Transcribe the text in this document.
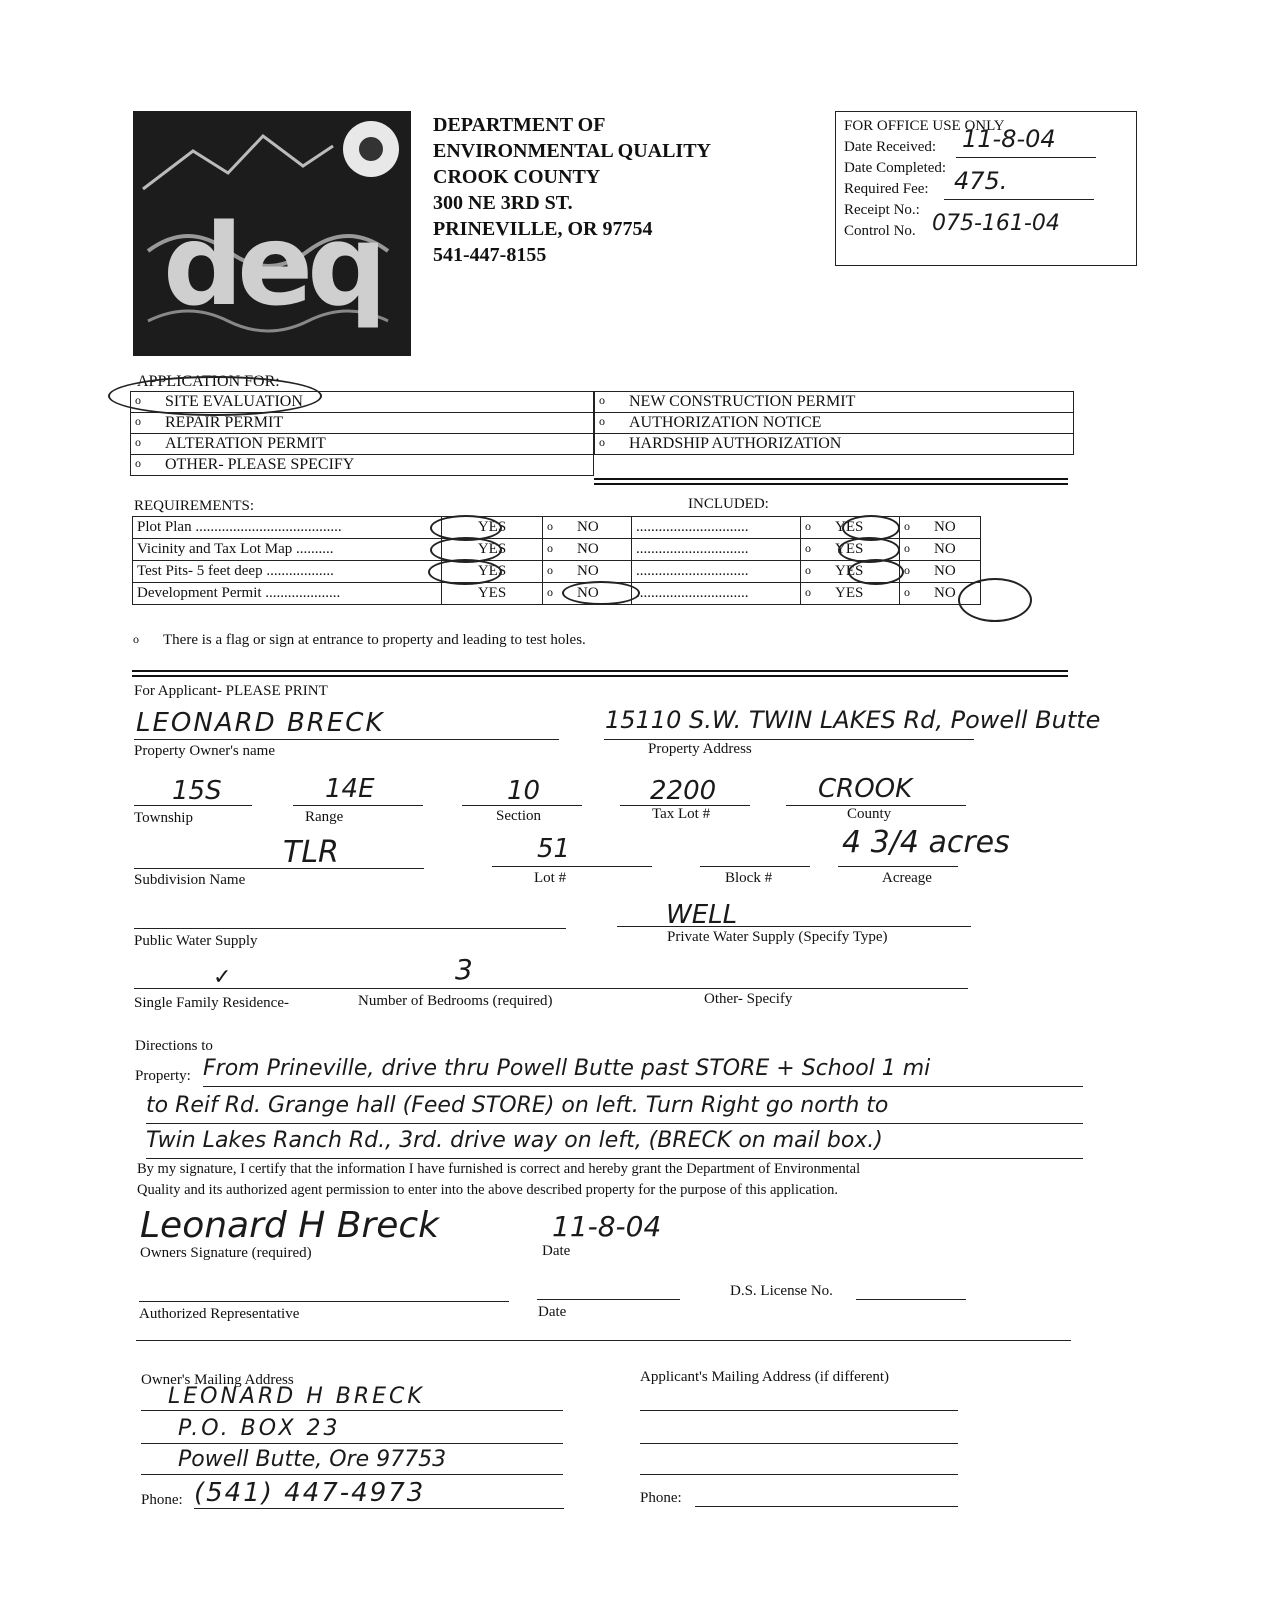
deq
DEPARTMENT OF
ENVIRONMENTAL QUALITY
CROOK COUNTY
300 NE 3RD ST.
PRINEVILLE, OR 97754
541-447-8155
FOR OFFICE USE ONLY
Date Received: 11-8-04
Date Completed:
Required Fee: 475.
Receipt No.:
Control No. 075-161-04
APPLICATION FOR:
o SITE EVALUATION
o REPAIR PERMIT
o ALTERATION PERMIT
o OTHER- PLEASE SPECIFY
o NEW CONSTRUCTION PERMIT
o AUTHORIZATION NOTICE
o HARDSHIP AUTHORIZATION
REQUIREMENTS:	INCLUDED:
Plot Plan .......................................	YES	o NO	..............................	o YES	o NO
Vicinity and Tax Lot Map ..........	YES	o NO	..............................	o YES	o NO
Test Pits- 5 feet deep ..................	YES	o NO	..............................	o YES	o NO
Development Permit ....................	YES	o NO	..............................	o YES	o NO
o There is a flag or sign at entrance to property and leading to test holes.
For Applicant- PLEASE PRINT
LEONARD BRECK
Property Owner's name
15110 S.W. TWIN LAKES Rd, Powell Butte
Property Address
15S
Township
14E
Range
10
Section
2200
Tax Lot #
CROOK
County
TLR
Subdivision Name
51
Lot #	Block #
4 3/4 acres
Acreage
Public Water Supply
WELL
Private Water Supply (Specify Type)
✓	3
Single Family Residence-	Number of Bedrooms (required)	Other- Specify
Directions to
Property: From Prineville, drive thru Powell Butte past STORE + School 1 mi
to Reif Rd. Grange hall (Feed STORE) on left. Turn Right go north to
Twin Lakes Ranch Rd., 3rd. drive way on left, (BRECK on mail box.)
By my signature, I certify that the information I have furnished is correct and hereby grant the Department of Environmental
Quality and its authorized agent permission to enter into the above described property for the purpose of this application.
Leonard H Breck
Owners Signature (required)
11-8-04
Date
D.S. License No.
Authorized Representative	Date
Owner's Mailing Address
LEONARD H BRECK
P.O. BOX 23
Powell Butte, Ore 97753
Phone: (541) 447-4973
Applicant's Mailing Address (if different)
Phone:
